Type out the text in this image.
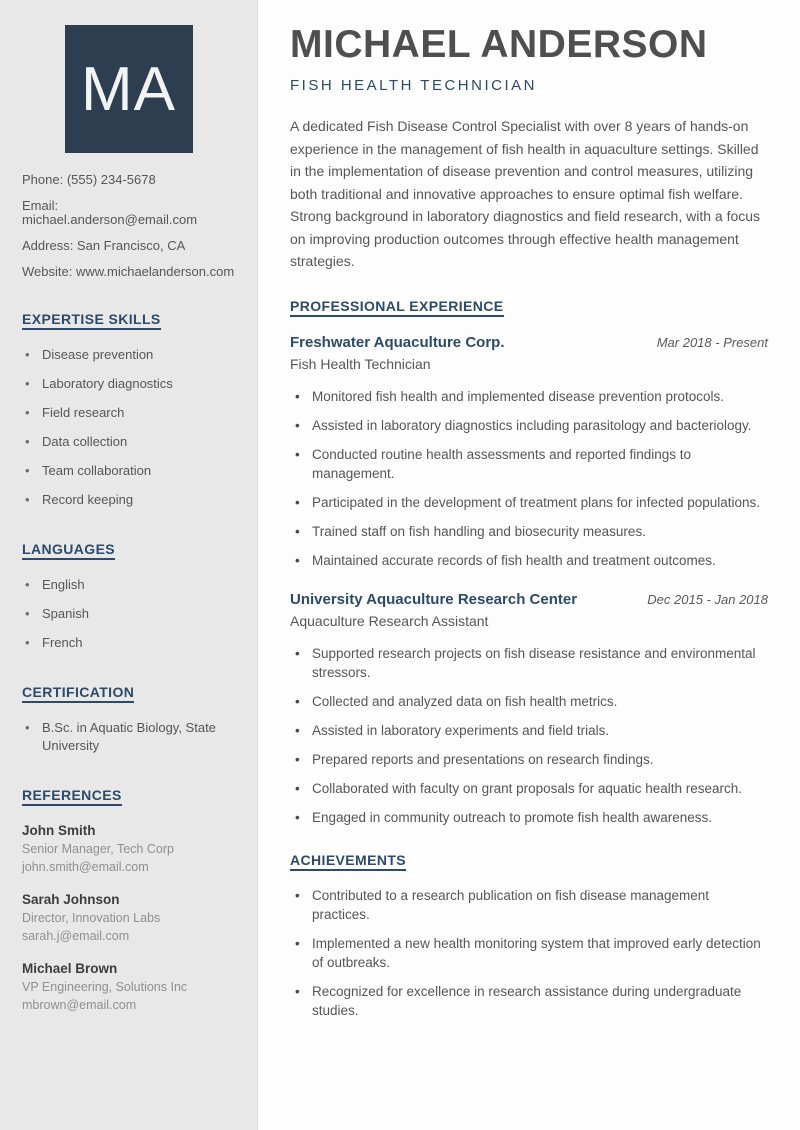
MA

Phone: (555) 234-5678

Email: michael.anderson@email.com

Address: San Francisco, CA

Website: www.michaelanderson.com

EXPERTISE SKILLS
• Disease prevention
• Laboratory diagnostics
• Field research
• Data collection
• Team collaboration
• Record keeping
LANGUAGES
• English
• Spanish
• French
CERTIFICATION
• B.Sc. in Aquatic Biology, State University
REFERENCES

John Smith

Senior Manager, Tech Corp

john.smith@email.com

Sarah Johnson

Director, Innovation Labs

sarah.j@email.com

Michael Brown

VP Engineering, Solutions Inc

mbrown@email.com

MICHAEL ANDERSON

FISH HEALTH TECHNICIAN

A dedicated Fish Disease Control Specialist with over 8 years of hands-on experience in the management of fish health in aquaculture settings. Skilled in the implementation of disease prevention and control measures, utilizing both traditional and innovative approaches to ensure optimal fish welfare. Strong background in laboratory diagnostics and field research, with a focus on improving production outcomes through effective health management strategies.

PROFESSIONAL EXPERIENCE
Freshwater Aquaculture Corp.	Mar 2018 - Present

Fish Health Technician

• Monitored fish health and implemented disease prevention protocols.
• Assisted in laboratory diagnostics including parasitology and bacteriology.
• Conducted routine health assessments and reported findings to management.
• Participated in the development of treatment plans for infected populations.
• Trained staff on fish handling and biosecurity measures.
• Maintained accurate records of fish health and treatment outcomes.
University Aquaculture Research Center	Dec 2015 - Jan 2018

Aquaculture Research Assistant

• Supported research projects on fish disease resistance and environmental stressors.
• Collected and analyzed data on fish health metrics.
• Assisted in laboratory experiments and field trials.
• Prepared reports and presentations on research findings.
• Collaborated with faculty on grant proposals for aquatic health research.
• Engaged in community outreach to promote fish health awareness.
ACHIEVEMENTS
• Contributed to a research publication on fish disease management practices.
• Implemented a new health monitoring system that improved early detection of outbreaks.
• Recognized for excellence in research assistance during undergraduate studies.
